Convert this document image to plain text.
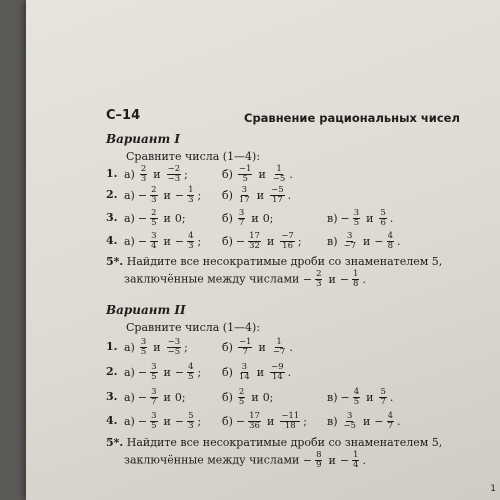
С–14	Сравнение рациональных чисел
Вариант I
Сравните числа (1—4):
1. $а) \frac{2}{3}$ и $\frac{-2}{-3}$ ;	$б) \frac{-1}{5}$ и $\frac{1}{-5}$ .
2. $а) - \frac{2}{3}$ $и - \frac{1}{3}$ ; $б) \frac{3}{17}$ и $\frac{-5}{17}$ .
3. $а) - \frac{2}{5}$ и 0;	$б) \frac{3}{7}$ и 0;	$в) - \frac{3}{5}$ и $\frac{5}{6}$ .
4. $а) - \frac{3}{4}$ $и - \frac{4}{3}$ ; $б) - \frac{17}{32}$ и $\frac{-7}{16}$ ; $в) \frac{3}{-7}$ $и - \frac{4}{8}$ .
5*. Найдите все несократимые дроби со знаменателем 5,
заключённые между числами − $\frac{2}{3}$ $и - \frac{1}{8}$ .
Вариант II
Сравните числа (1—4):
1. $а) \frac{3}{5}$ и $\frac{-3}{-5}$ ;	$б) \frac{-1}{7}$ и $\frac{1}{-7}$ .
2. $а) - \frac{3}{5}$ $и - \frac{4}{5}$ ; $б) \frac{3}{14}$ и $\frac{-9}{14}$ .
3. $а) - \frac{3}{7}$ и 0;	$б) \frac{2}{5}$ и 0;	$в) - \frac{4}{5}$ и $\frac{5}{7}$ .
4. $а) - \frac{3}{5}$ $и - \frac{5}{3}$ ; $б) - \frac{17}{36}$ и $\frac{-11}{18}$ ; $в) \frac{3}{-5}$ $и - \frac{4}{7}$ .
5*. Найдите все несократимые дроби со знаменателем 5,
заключённые между числами − $\frac{8}{9}$ $и - \frac{1}{4}$ .
1
